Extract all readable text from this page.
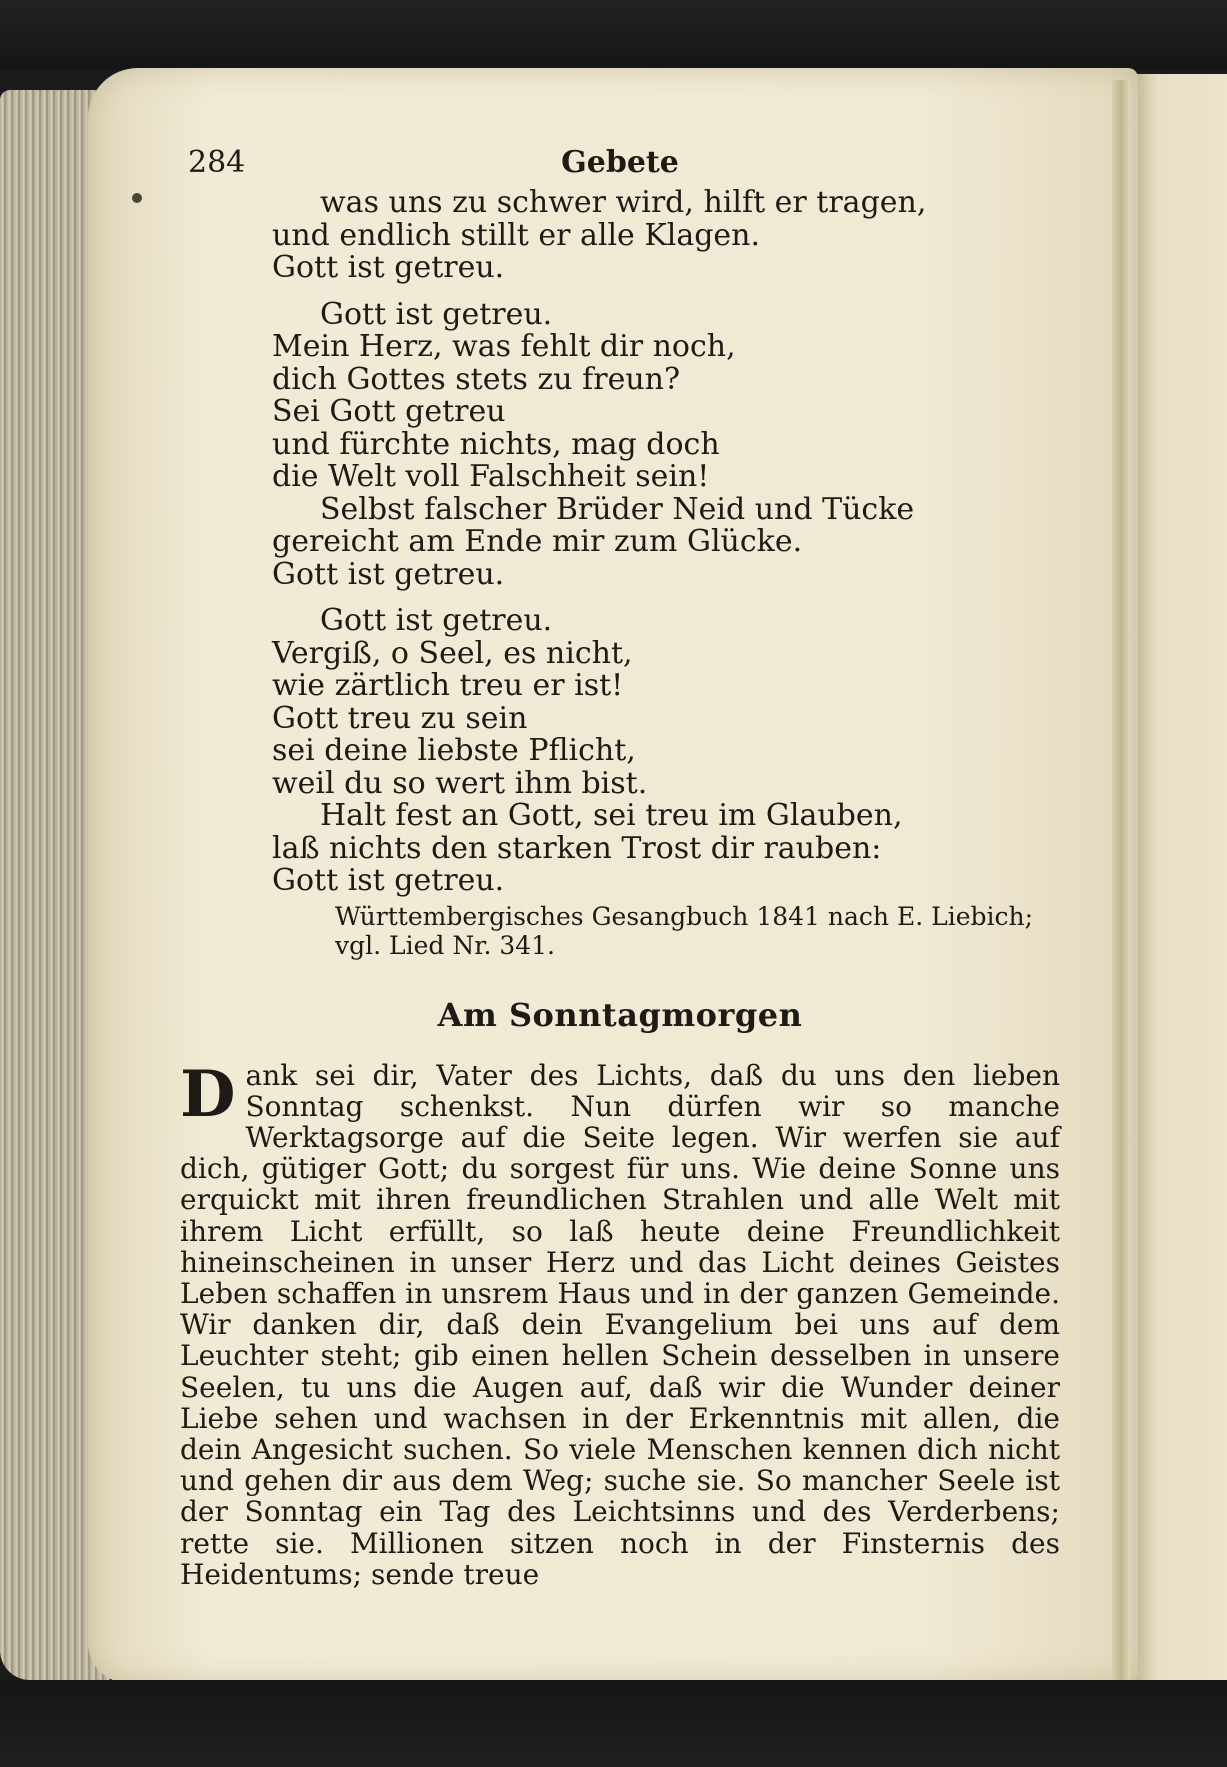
284	Gebete
was uns zu schwer wird, hilft er tragen,
und endlich stillt er alle Klagen.
Gott ist getreu.
Gott ist getreu.
Mein Herz, was fehlt dir noch,
dich Gottes stets zu freun?
Sei Gott getreu
und fürchte nichts, mag doch
die Welt voll Falschheit sein!
Selbst falscher Brüder Neid und Tücke
gereicht am Ende mir zum Glücke.
Gott ist getreu.
Gott ist getreu.
Vergiß, o Seel, es nicht,
wie zärtlich treu er ist!
Gott treu zu sein
sei deine liebste Pflicht,
weil du so wert ihm bist.
Halt fest an Gott, sei treu im Glauben,
laß nichts den starken Trost dir rauben:
Gott ist getreu.
Württembergisches Gesangbuch 1841 nach E. Liebich;
vgl. Lied Nr. 341.
Am Sonntagmorgen
D ank sei dir, Vater des Lichts, daß du uns den lieben Sonntag schenkst. Nun dürfen wir so manche Werktagsorge auf die Seite legen. Wir werfen sie auf dich, gütiger Gott; du sorgest für uns. Wie deine Sonne uns erquickt mit ihren freundlichen Strahlen und alle Welt mit ihrem Licht erfüllt, so laß heute deine Freundlichkeit hineinscheinen in unser Herz und das Licht deines Geistes Leben schaffen in unsrem Haus und in der ganzen Gemeinde. Wir danken dir, daß dein Evangelium bei uns auf dem Leuchter steht; gib einen hellen Schein desselben in unsere Seelen, tu uns die Augen auf, daß wir die Wunder deiner Liebe sehen und wachsen in der Erkenntnis mit allen, die dein Angesicht suchen. So viele Menschen kennen dich nicht und gehen dir aus dem Weg; suche sie. So mancher Seele ist der Sonntag ein Tag des Leichtsinns und des Verderbens; rette sie. Millionen sitzen noch in der Finsternis des Heidentums; sende treue
